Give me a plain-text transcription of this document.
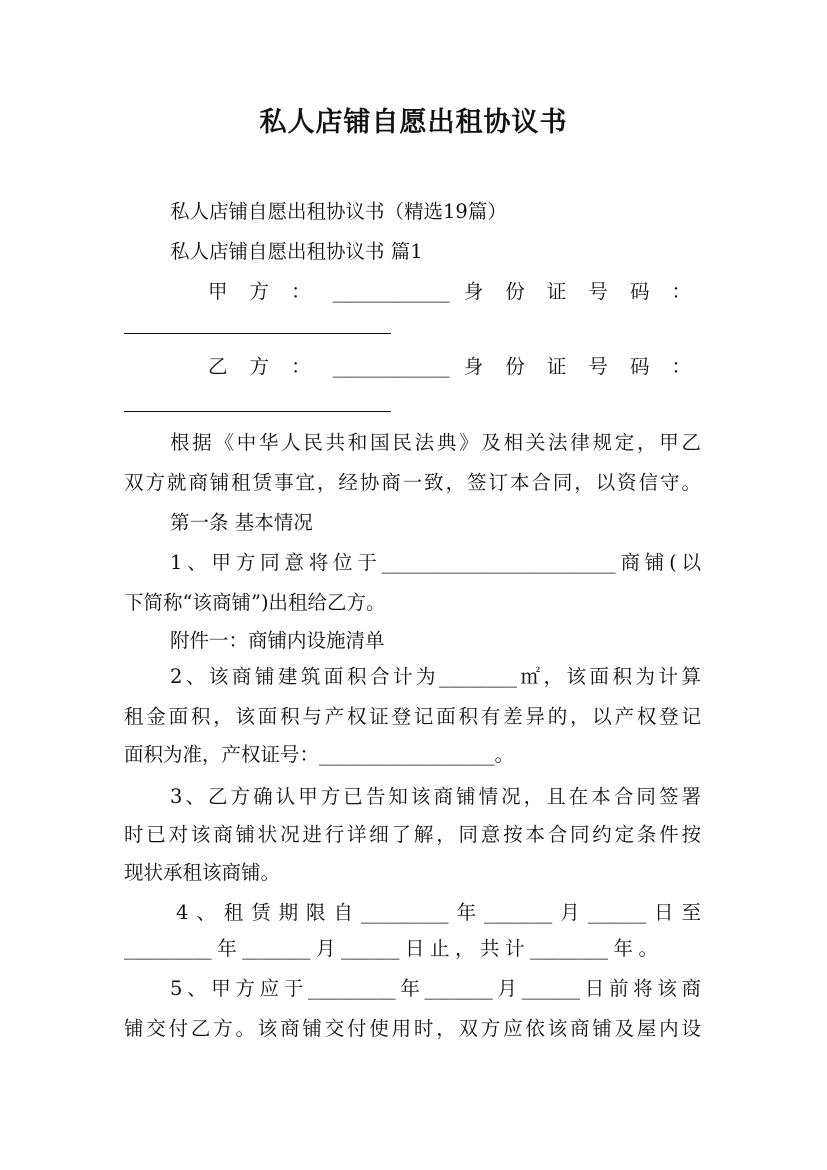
私人店铺自愿出租协议书
私人店铺自愿出租协议书（精选19篇）
私人店铺自愿出租协议书 篇1
甲 方 ： ____________ 身 份 证 号 码 ：
乙 方 ： ____________ 身 份 证 号 码 ：
根据《中华人民共和国民法典》及相关法律规定，甲乙
双方就商铺租赁事宜，经协商一致，签订本合同，以资信守。
第一条 基本情况
1、甲方同意将位于________________________商铺(以
下简称“该商铺”)出租给乙方。
附件一：商铺内设施清单
2、该商铺建筑面积合计为________㎡，该面积为计算
租金面积，该面积与产权证登记面积有差异的，以产权登记
面积为准，产权证号：__________________。
3、乙方确认甲方已告知该商铺情况，且在本合同签署
时已对该商铺状况进行详细了解，同意按本合同约定条件按
现状承租该商铺。
4、租赁期限自_________年_______月______日至
_________年_______月______日止，共计________年。
5、甲方应于_________年_______月______日前将该商
铺交付乙方。该商铺交付使用时，双方应依该商铺及屋内设
